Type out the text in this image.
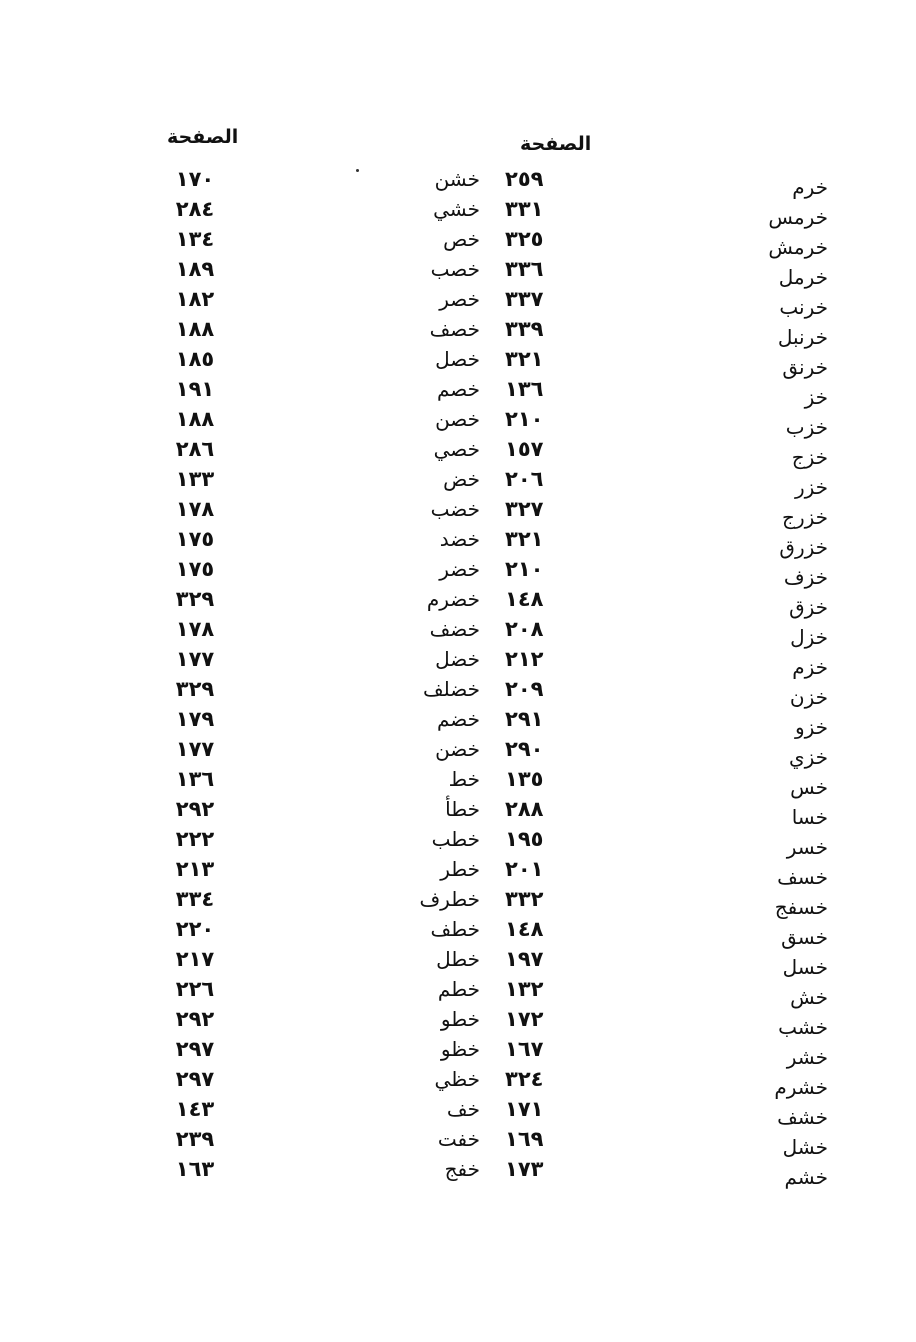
الصفحة
الصفحة
خرم
خرمس
خرمش
خرمل
خرنب
خرنبل
خرنق
خز
خزب
خزج
خزر
خزرج
خزرق
خزف
خزق
خزل
خزم
خزن
خزو
خزي
خس
خسا
خسر
خسف
خسفج
خسق
خسل
خش
خشب
خشر
خشرم
خشف
خشل
خشم
٢٥٩
٣٣١
٣٢٥
٣٣٦
٣٣٧
٣٣٩
٣٢١
١٣٦
٢١٠
١٥٧
٢٠٦
٣٢٧
٣٢١
٢١٠
١٤٨
٢٠٨
٢١٢
٢٠٩
٢٩١
٢٩٠
١٣٥
٢٨٨
١٩٥
٢٠١
٣٣٢
١٤٨
١٩٧
١٣٢
١٧٢
١٦٧
٣٢٤
١٧١
١٦٩
١٧٣
خشن
خشي
خص
خصب
خصر
خصف
خصل
خصم
خصن
خصي
خض
خضب
خضد
خضر
خضرم
خضف
خضل
خضلف
خضم
خضن
خط
خطأ
خطب
خطر
خطرف
خطف
خطل
خطم
خطو
خظو
خظي
خف
خفت
خفج
١٧٠
٢٨٤
١٣٤
١٨٩
١٨٢
١٨٨
١٨٥
١٩١
١٨٨
٢٨٦
١٣٣
١٧٨
١٧٥
١٧٥
٣٢٩
١٧٨
١٧٧
٣٢٩
١٧٩
١٧٧
١٣٦
٢٩٢
٢٢٢
٢١٣
٣٣٤
٢٢٠
٢١٧
٢٢٦
٢٩٢
٢٩٧
٢٩٧
١٤٣
٢٣٩
١٦٣
